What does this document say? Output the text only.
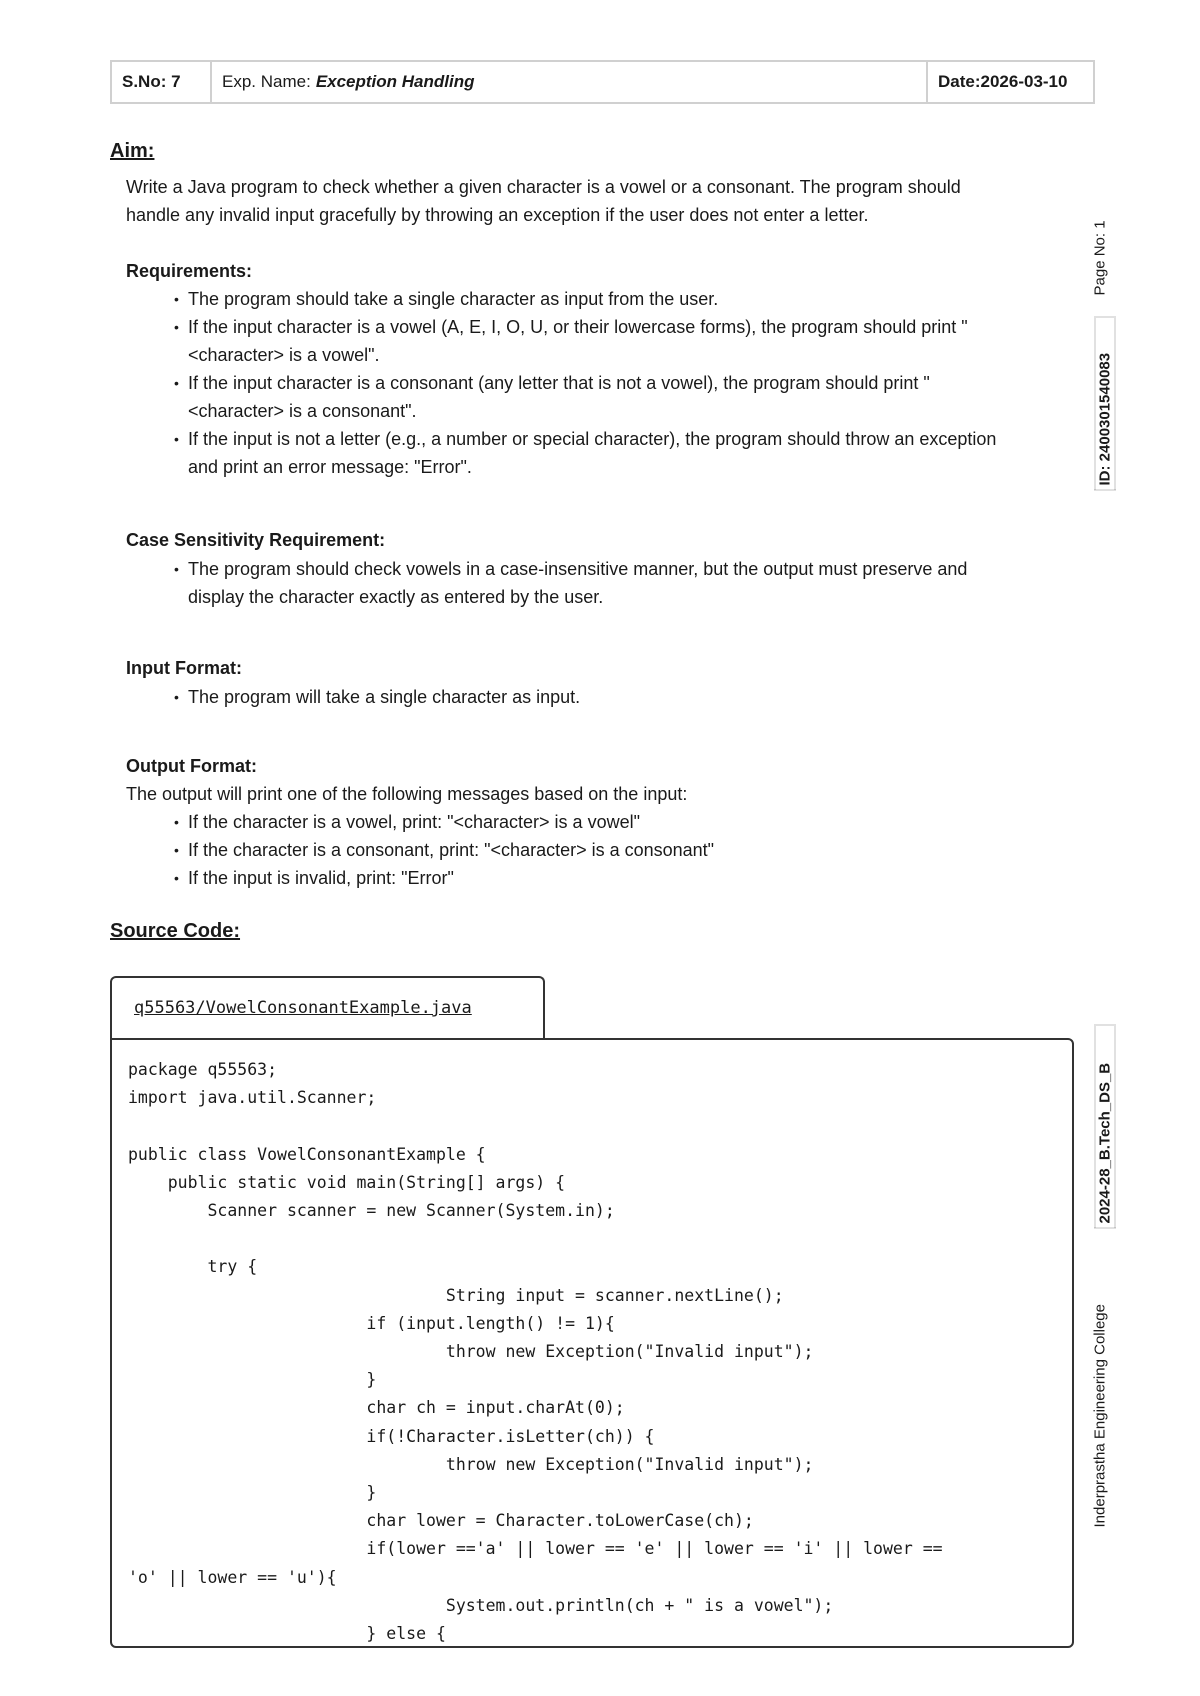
S.No: 7	Exp. Name: Exception Handling	Date:2026-03-10
Aim:
Write a Java program to check whether a given character is a vowel or a consonant. The program should
handle any invalid input gracefully by throwing an exception if the user does not enter a letter.
Requirements:
• The program should take a single character as input from the user.
• If the input character is a vowel (A, E, I, O, U, or their lowercase forms), the program should print "
<character> is a vowel".
• If the input character is a consonant (any letter that is not a vowel), the program should print "
<character> is a consonant".
• If the input is not a letter (e.g., a number or special character), the program should throw an exception
and print an error message: "Error".
Case Sensitivity Requirement:
• The program should check vowels in a case-insensitive manner, but the output must preserve and
display the character exactly as entered by the user.
Input Format:
• The program will take a single character as input.
Output Format:
The output will print one of the following messages based on the input:
• If the character is a vowel, print: "<character> is a vowel"
• If the character is a consonant, print: "<character> is a consonant"
• If the input is invalid, print: "Error"
Source Code:
q55563/VowelConsonantExample.java
package q55563;
import java.util.Scanner;

public class VowelConsonantExample {
public static void main(String[] args) {
Scanner scanner = new Scanner(System.in);

try {
String input = scanner.nextLine();
if (input.length() != 1){
throw new Exception("Invalid input");
}
char ch = input.charAt(0);
if(!Character.isLetter(ch)) {
throw new Exception("Invalid input");
}
char lower = Character.toLowerCase(ch);
if(lower =='a' || lower == 'e' || lower == 'i' || lower ==
'o' || lower == 'u'){
System.out.println(ch + " is a vowel");
} else {
Page No: 1
ID: 2400301540083
2024-28_B.Tech_DS_B
Inderprastha Engineering College
